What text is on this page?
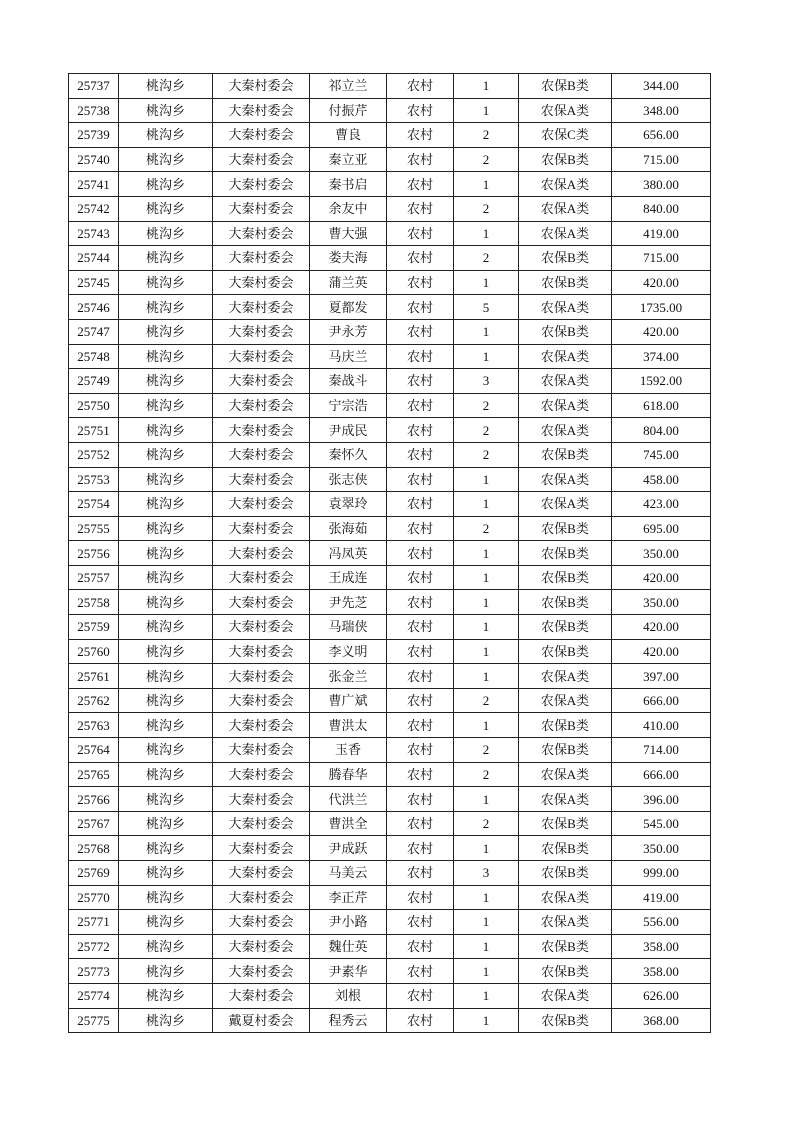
25737	桃沟乡	大秦村委会	祁立兰	农村	1	农保B类	344.00
25738	桃沟乡	大秦村委会	付振芹	农村	1	农保A类	348.00
25739	桃沟乡	大秦村委会	曹良	农村	2	农保C类	656.00
25740	桃沟乡	大秦村委会	秦立亚	农村	2	农保B类	715.00
25741	桃沟乡	大秦村委会	秦书启	农村	1	农保A类	380.00
25742	桃沟乡	大秦村委会	余友中	农村	2	农保A类	840.00
25743	桃沟乡	大秦村委会	曹大强	农村	1	农保A类	419.00
25744	桃沟乡	大秦村委会	娄夫海	农村	2	农保B类	715.00
25745	桃沟乡	大秦村委会	蒲兰英	农村	1	农保B类	420.00
25746	桃沟乡	大秦村委会	夏都发	农村	5	农保A类	1735.00
25747	桃沟乡	大秦村委会	尹永芳	农村	1	农保B类	420.00
25748	桃沟乡	大秦村委会	马庆兰	农村	1	农保A类	374.00
25749	桃沟乡	大秦村委会	秦战斗	农村	3	农保A类	1592.00
25750	桃沟乡	大秦村委会	宁宗浩	农村	2	农保A类	618.00
25751	桃沟乡	大秦村委会	尹成民	农村	2	农保A类	804.00
25752	桃沟乡	大秦村委会	秦怀久	农村	2	农保B类	745.00
25753	桃沟乡	大秦村委会	张志侠	农村	1	农保A类	458.00
25754	桃沟乡	大秦村委会	袁翠玲	农村	1	农保A类	423.00
25755	桃沟乡	大秦村委会	张海茹	农村	2	农保B类	695.00
25756	桃沟乡	大秦村委会	冯凤英	农村	1	农保B类	350.00
25757	桃沟乡	大秦村委会	王成连	农村	1	农保B类	420.00
25758	桃沟乡	大秦村委会	尹先芝	农村	1	农保B类	350.00
25759	桃沟乡	大秦村委会	马瑞侠	农村	1	农保B类	420.00
25760	桃沟乡	大秦村委会	李义明	农村	1	农保B类	420.00
25761	桃沟乡	大秦村委会	张金兰	农村	1	农保A类	397.00
25762	桃沟乡	大秦村委会	曹广斌	农村	2	农保A类	666.00
25763	桃沟乡	大秦村委会	曹洪太	农村	1	农保B类	410.00
25764	桃沟乡	大秦村委会	玉香	农村	2	农保B类	714.00
25765	桃沟乡	大秦村委会	腾春华	农村	2	农保A类	666.00
25766	桃沟乡	大秦村委会	代洪兰	农村	1	农保A类	396.00
25767	桃沟乡	大秦村委会	曹洪全	农村	2	农保B类	545.00
25768	桃沟乡	大秦村委会	尹成跃	农村	1	农保B类	350.00
25769	桃沟乡	大秦村委会	马美云	农村	3	农保B类	999.00
25770	桃沟乡	大秦村委会	李正芹	农村	1	农保A类	419.00
25771	桃沟乡	大秦村委会	尹小路	农村	1	农保A类	556.00
25772	桃沟乡	大秦村委会	魏仕英	农村	1	农保B类	358.00
25773	桃沟乡	大秦村委会	尹素华	农村	1	农保B类	358.00
25774	桃沟乡	大秦村委会	刘根	农村	1	农保A类	626.00
25775	桃沟乡	戴夏村委会	程秀云	农村	1	农保B类	368.00
